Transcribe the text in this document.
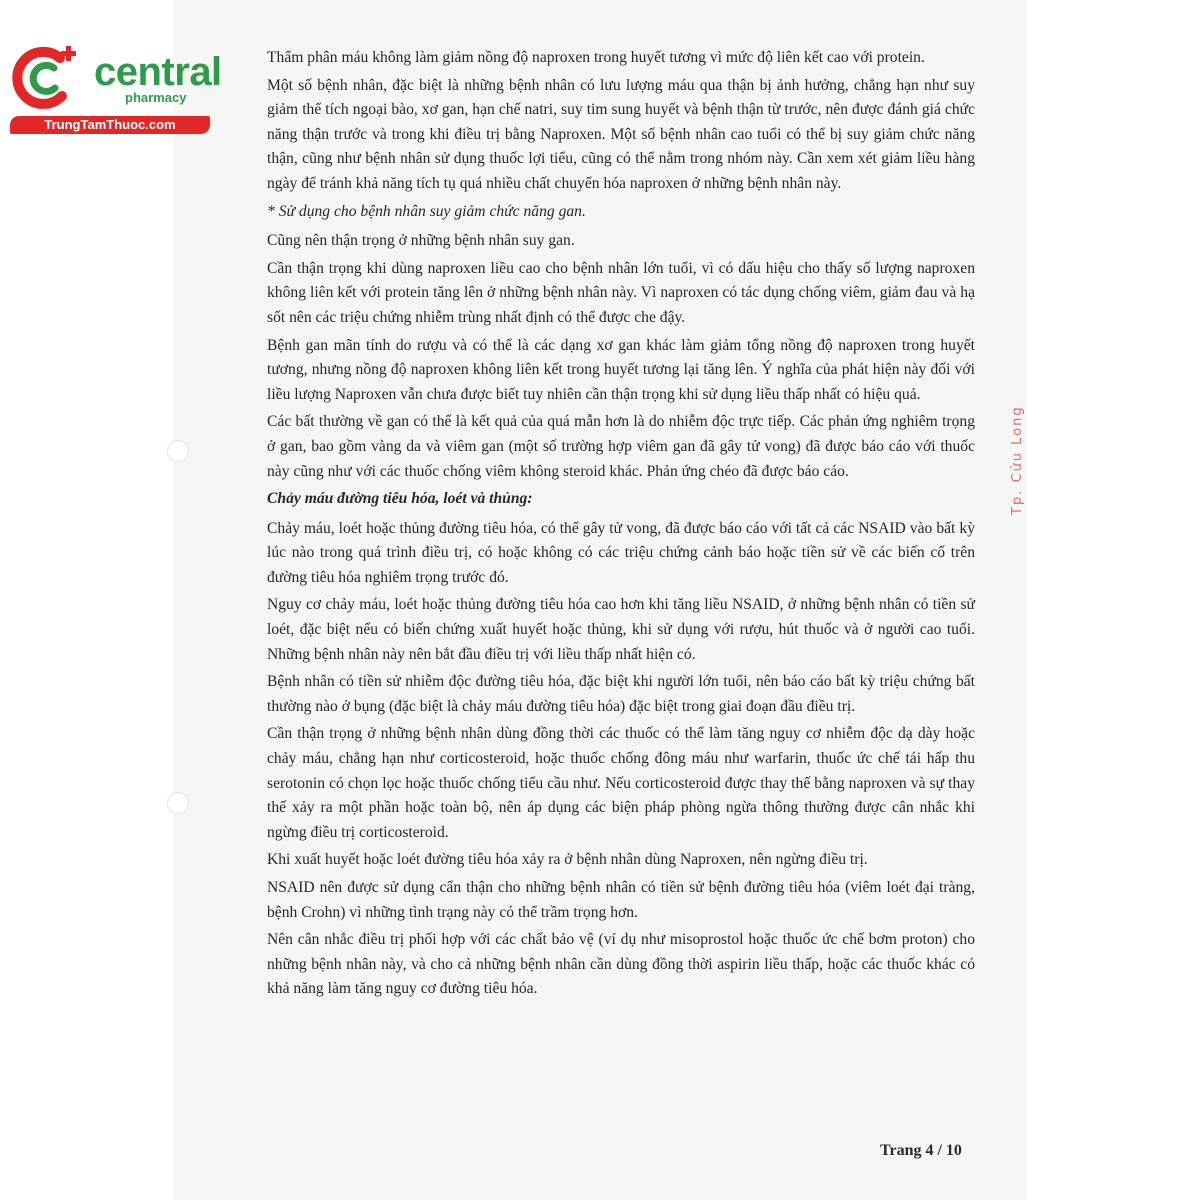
central
pharmacy
TrungTamThuoc.com

Thẩm phân máu không làm giảm nồng độ naproxen trong huyết tương vì mức độ liên kết cao với protein.

Một số bệnh nhân, đặc biệt là những bệnh nhân có lưu lượng máu qua thận bị ảnh hưởng, chẳng hạn như suy giảm thể tích ngoại bào, xơ gan, hạn chế natri, suy tim sung huyết và bệnh thận từ trước, nên được đánh giá chức năng thận trước và trong khi điều trị bằng Naproxen. Một số bệnh nhân cao tuổi có thể bị suy giảm chức năng thận, cũng như bệnh nhân sử dụng thuốc lợi tiểu, cũng có thể nằm trong nhóm này. Cần xem xét giảm liều hàng ngày để tránh khả năng tích tụ quá nhiều chất chuyển hóa naproxen ở những bệnh nhân này.

* Sử dụng cho bệnh nhân suy giảm chức năng gan.

Cũng nên thận trọng ở những bệnh nhân suy gan.

Cần thận trọng khi dùng naproxen liều cao cho bệnh nhân lớn tuổi, vì có dấu hiệu cho thấy số lượng naproxen không liên kết với protein tăng lên ở những bệnh nhân này. Vì naproxen có tác dụng chống viêm, giảm đau và hạ sốt nên các triệu chứng nhiễm trùng nhất định có thể được che đậy.

Bệnh gan mãn tính do rượu và có thể là các dạng xơ gan khác làm giảm tổng nồng độ naproxen trong huyết tương, nhưng nồng độ naproxen không liên kết trong huyết tương lại tăng lên. Ý nghĩa của phát hiện này đối với liều lượng Naproxen vẫn chưa được biết tuy nhiên cần thận trọng khi sử dụng liều thấp nhất có hiệu quả.

Các bất thường về gan có thể là kết quả của quá mẫn hơn là do nhiễm độc trực tiếp. Các phản ứng nghiêm trọng ở gan, bao gồm vàng da và viêm gan (một số trường hợp viêm gan đã gây tử vong) đã được báo cáo với thuốc này cũng như với các thuốc chống viêm không steroid khác. Phản ứng chéo đã được báo cáo.

Chảy máu đường tiêu hóa, loét và thủng:

Chảy máu, loét hoặc thủng đường tiêu hóa, có thể gây tử vong, đã được báo cáo với tất cả các NSAID vào bất kỳ lúc nào trong quá trình điều trị, có hoặc không có các triệu chứng cảnh báo hoặc tiền sử về các biến cố trên đường tiêu hóa nghiêm trọng trước đó.

Nguy cơ chảy máu, loét hoặc thủng đường tiêu hóa cao hơn khi tăng liều NSAID, ở những bệnh nhân có tiền sử loét, đặc biệt nếu có biến chứng xuất huyết hoặc thủng, khi sử dụng với rượu, hút thuốc và ở người cao tuổi. Những bệnh nhân này nên bắt đầu điều trị với liều thấp nhất hiện có.

Bệnh nhân có tiền sử nhiễm độc đường tiêu hóa, đặc biệt khi người lớn tuổi, nên báo cáo bất kỳ triệu chứng bất thường nào ở bụng (đặc biệt là chảy máu đường tiêu hóa) đặc biệt trong giai đoạn đầu điều trị.

Cần thận trọng ở những bệnh nhân dùng đồng thời các thuốc có thể làm tăng nguy cơ nhiễm độc dạ dày hoặc chảy máu, chẳng hạn như corticosteroid, hoặc thuốc chống đông máu như warfarin, thuốc ức chế tái hấp thu serotonin có chọn lọc hoặc thuốc chống tiểu cầu như. Nếu corticosteroid được thay thế bằng naproxen và sự thay thế xảy ra một phần hoặc toàn bộ, nên áp dụng các biện pháp phòng ngừa thông thường được cân nhắc khi ngừng điều trị corticosteroid.

Khi xuất huyết hoặc loét đường tiêu hóa xảy ra ở bệnh nhân dùng Naproxen, nên ngừng điều trị.

NSAID nên được sử dụng cẩn thận cho những bệnh nhân có tiền sử bệnh đường tiêu hóa (viêm loét đại tràng, bệnh Crohn) vì những tình trạng này có thể trầm trọng hơn.

Nên cân nhắc điều trị phối hợp với các chất bảo vệ (ví dụ như misoprostol hoặc thuốc ức chế bơm proton) cho những bệnh nhân này, và cho cả những bệnh nhân cần dùng đồng thời aspirin liều thấp, hoặc các thuốc khác có khả năng làm tăng nguy cơ đường tiêu hóa.

Tp. Cửu Long
Trang 4 / 10
